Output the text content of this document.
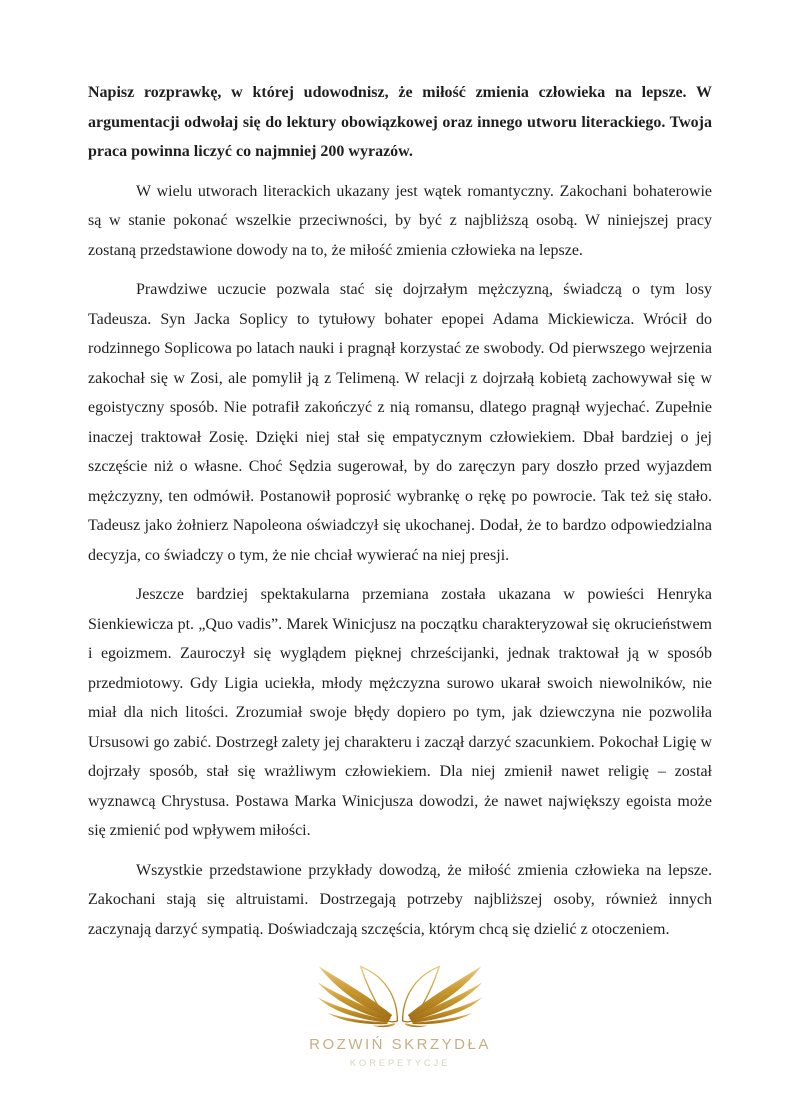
Napisz rozprawkę, w której udowodnisz, że miłość zmienia człowieka na lepsze. W argumentacji odwołaj się do lektury obowiązkowej oraz innego utworu literackiego. Twoja praca powinna liczyć co najmniej 200 wyrazów.

W wielu utworach literackich ukazany jest wątek romantyczny. Zakochani bohaterowie są w stanie pokonać wszelkie przeciwności, by być z najbliższą osobą. W niniejszej pracy zostaną przedstawione dowody na to, że miłość zmienia człowieka na lepsze.

Prawdziwe uczucie pozwala stać się dojrzałym mężczyzną, świadczą o tym losy Tadeusza. Syn Jacka Soplicy to tytułowy bohater epopei Adama Mickiewicza. Wrócił do rodzinnego Soplicowa po latach nauki i pragnął korzystać ze swobody. Od pierwszego wejrzenia zakochał się w Zosi, ale pomylił ją z Telimeną. W relacji z dojrzałą kobietą zachowywał się w egoistyczny sposób. Nie potrafił zakończyć z nią romansu, dlatego pragnął wyjechać. Zupełnie inaczej traktował Zosię. Dzięki niej stał się empatycznym człowiekiem. Dbał bardziej o jej szczęście niż o własne. Choć Sędzia sugerował, by do zaręczyn pary doszło przed wyjazdem mężczyzny, ten odmówił. Postanowił poprosić wybrankę o rękę po powrocie. Tak też się stało. Tadeusz jako żołnierz Napoleona oświadczył się ukochanej. Dodał, że to bardzo odpowiedzialna decyzja, co świadczy o tym, że nie chciał wywierać na niej presji.

Jeszcze bardziej spektakularna przemiana została ukazana w powieści Henryka Sienkiewicza pt. „Quo vadis”. Marek Winicjusz na początku charakteryzował się okrucieństwem i egoizmem. Zauroczył się wyglądem pięknej chrześcijanki, jednak traktował ją w sposób przedmiotowy. Gdy Ligia uciekła, młody mężczyzna surowo ukarał swoich niewolników, nie miał dla nich litości. Zrozumiał swoje błędy dopiero po tym, jak dziewczyna nie pozwoliła Ursusowi go zabić. Dostrzegł zalety jej charakteru i zaczął darzyć szacunkiem. Pokochał Ligię w dojrzały sposób, stał się wrażliwym człowiekiem. Dla niej zmienił nawet religię – został wyznawcą Chrystusa. Postawa Marka Winicjusza dowodzi, że nawet największy egoista może się zmienić pod wpływem miłości.

Wszystkie przedstawione przykłady dowodzą, że miłość zmienia człowieka na lepsze. Zakochani stają się altruistami. Dostrzegają potrzeby najbliższej osoby, również innych zaczynają darzyć sympatią. Doświadczają szczęścia, którym chcą się dzielić z otoczeniem.

ROZWIŃ SKRZYDŁA
KOREPETYCJE
